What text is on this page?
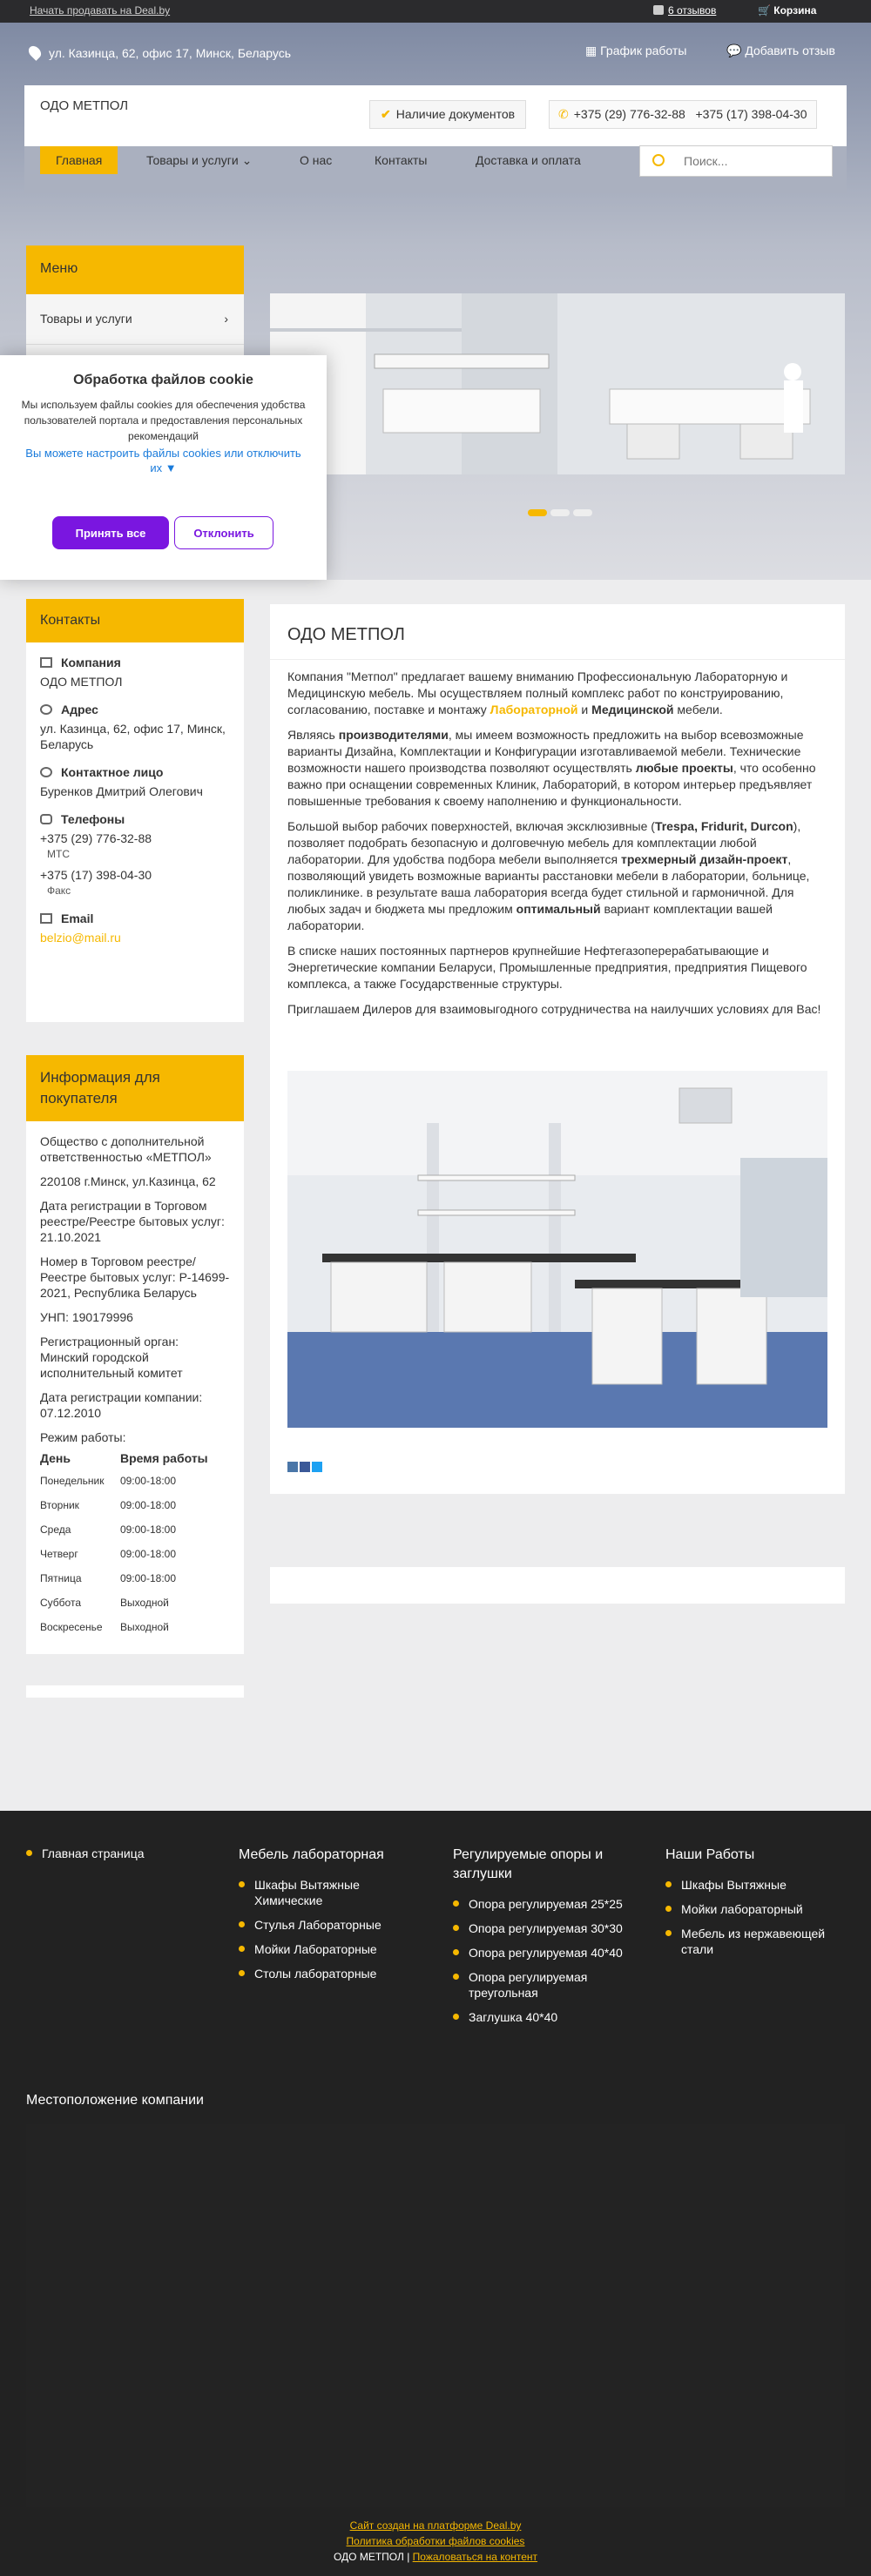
Начать продавать на Deal.by	6 отзывов	🛒 Корзина
ул. Казинца, 62, офис 17, Минск, Беларусь	▦ График работы	💬 Добавить отзыв
ОДО МЕТПОЛ
✔ Наличие документов	✆ +375 (29) 776-32-88 +375 (17) 398-04-30
Главная	Товары и услуги ⌄	О нас	Контакты	Доставка и оплата
Поиск...
Меню
Товары и услуги	›
Обработка файлов cookie

Мы используем файлы cookies для обеспечения удобства пользователей портала и предоставления персональных рекомендаций

Вы можете настроить файлы cookies или отключить их ▼
Принять все	Отклонить
Контакты
Компания
ОДО МЕТПОЛ
Адрес
ул. Казинца, 62, офис 17, Минск, Беларусь
Контактное лицо
Буренков Дмитрий Олегович
Телефоны
+375 (29) 776-32-88
МТС
+375 (17) 398-04-30
Факс
Email
belzio@mail.ru
Информация для покупателя
Общество с дополнительной ответственностью «МЕТПОЛ»
220108 г.Минск, ул.Казинца, 62
Дата регистрации в Торговом реестре/Реестре бытовых услуг: 21.10.2021
Номер в Торговом реестре/Реестре бытовых услуг: Р-14699-2021, Республика Беларусь
УНП: 190179996
Регистрационный орган: Минский городской исполнительный комитет
Дата регистрации компании: 07.12.2010
Режим работы:
День	Время работы
Понедельник	09:00-18:00
Вторник	09:00-18:00
Среда	09:00-18:00
Четверг	09:00-18:00
Пятница	09:00-18:00
Суббота	Выходной
Воскресенье	Выходной
ОДО МЕТПОЛ

Компания "Метпол" предлагает вашему вниманию Профессиональную Лабораторную и Медицинскую мебель. Мы осуществляем полный комплекс работ по конструированию, согласованию, поставке и монтажу Лабораторной и Медицинской мебели.

Являясь производителями, мы имеем возможность предложить на выбор всевозможные варианты Дизайна, Комплектации и Конфигурации изготавливаемой мебели. Технические возможности нашего производства позволяют осуществлять любые проекты, что особенно важно при оснащении современных Клиник, Лабораторий, в котором интерьер предъявляет повышенные требования к своему наполнению и функциональности.

Большой выбор рабочих поверхностей, включая эксклюзивные (Trespa, Fridurit, Durcon), позволяет подобрать безопасную и долговечную мебель для комплектации любой лаборатории. Для удобства подбора мебели выполняется трехмерный дизайн-проект, позволяющий увидеть возможные варианты расстановки мебели в лаборатории, больнице, поликлинике. в результате ваша лаборатория всегда будет стильной и гармоничной. Для любых задач и бюджета мы предложим оптимальный вариант комплектации вашей лаборатории.

В списке наших постоянных партнеров крупнейшие Нефтегазоперерабатывающие и Энергетические компании Беларуси, Промышленные предприятия, предприятия Пищевого комплекса, а также Государственные структуры.

Приглашаем Дилеров для взаимовыгодного сотрудничества на наилучших условиях для Вас!

Главная страница	Мебель лабораторная
Шкафы Вытяжные Химические
Стулья Лабораторные
Мойки Лабораторные
Столы лабораторные
Регулируемые опоры и заглушки
Опора регулируемая 25*25
Опора регулируемая 30*30
Опора регулируемая 40*40
Опора регулируемая треугольная
Заглушка 40*40
Наши Работы
Шкафы Вытяжные
Мойки лабораторный
Мебель из нержавеющей стали
Местоположение компании
Сайт создан на платформе Deal.by
Политика обработки файлов cookies
ОДО МЕТПОЛ | Пожаловаться на контент
